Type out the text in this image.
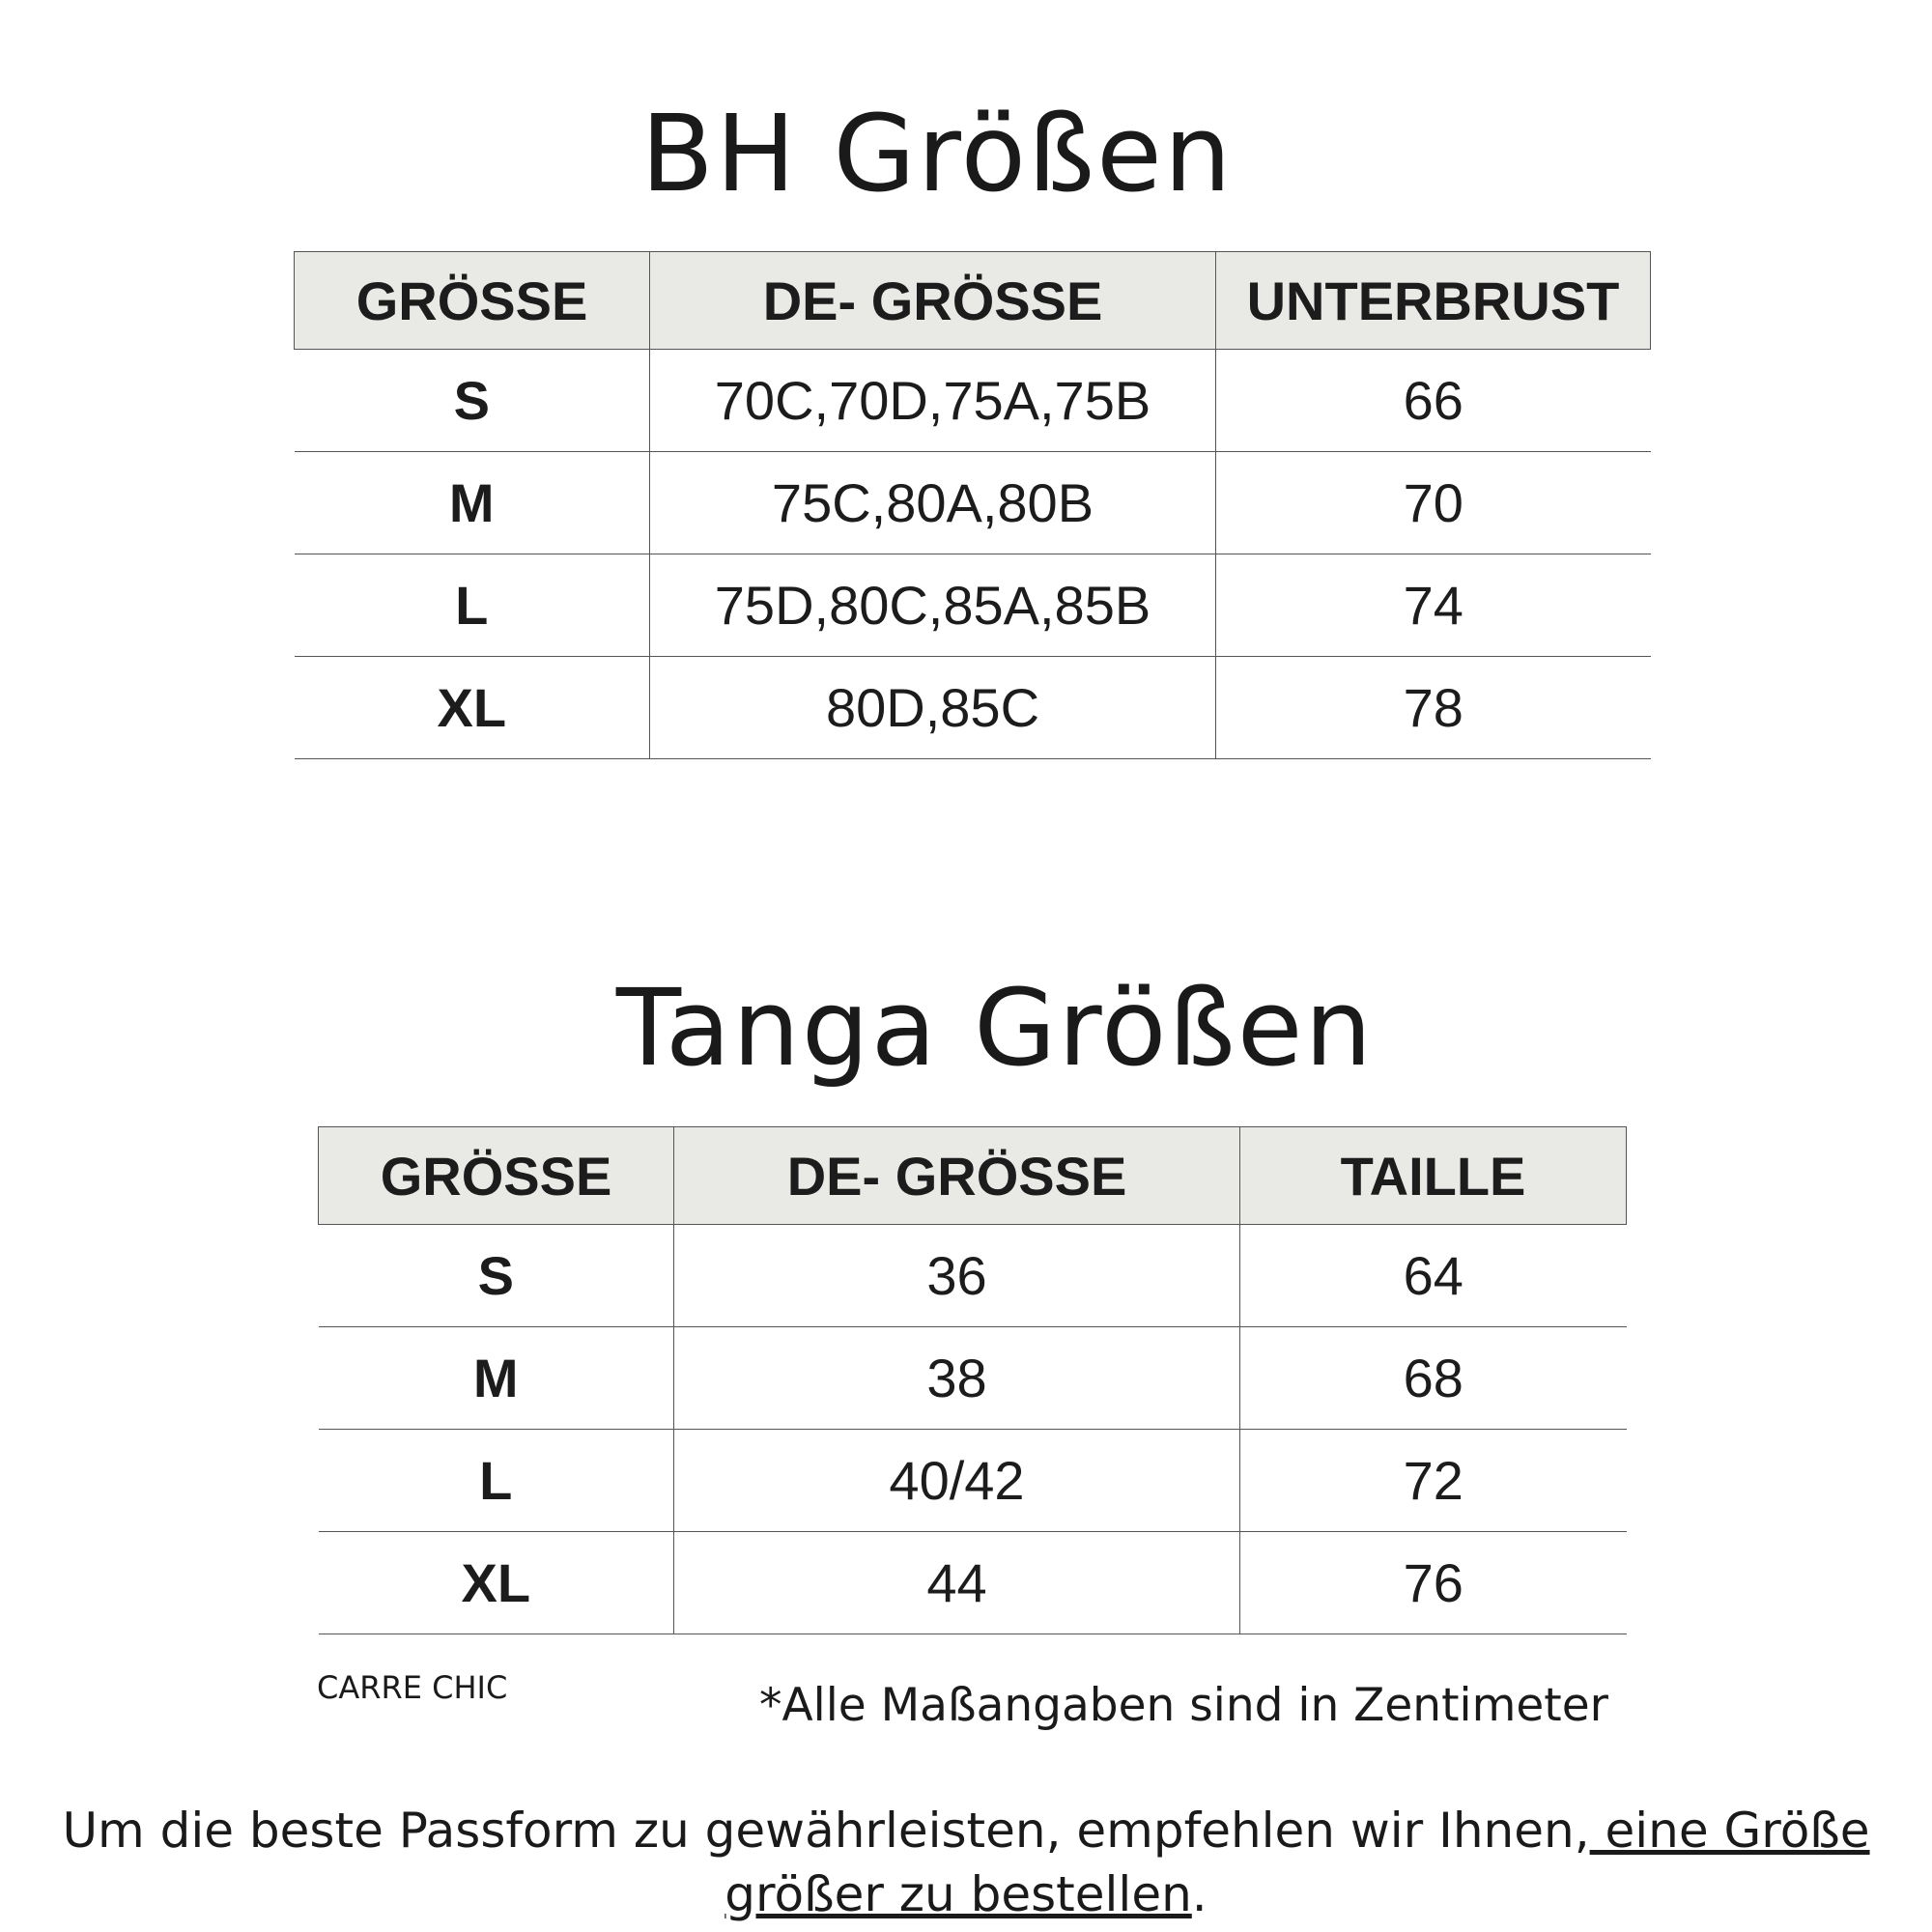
BH Größen
GRÖSSE	DE- GRÖSSE	UNTERBRUST
S	70C,70D,75A,75B	66
M	75C,80A,80B	70
L	75D,80C,85A,85B	74
XL	80D,85C	78
Tanga Größen
GRÖSSE	DE- GRÖSSE	TAILLE
S	36	64
M	38	68
L	40/42	72
XL	44	76
CARRE CHIC	*Alle Maßangaben sind in Zentimeter
Um die beste Passform zu gewährleisten, empfehlen wir Ihnen, eine Größe größer zu bestellen.
